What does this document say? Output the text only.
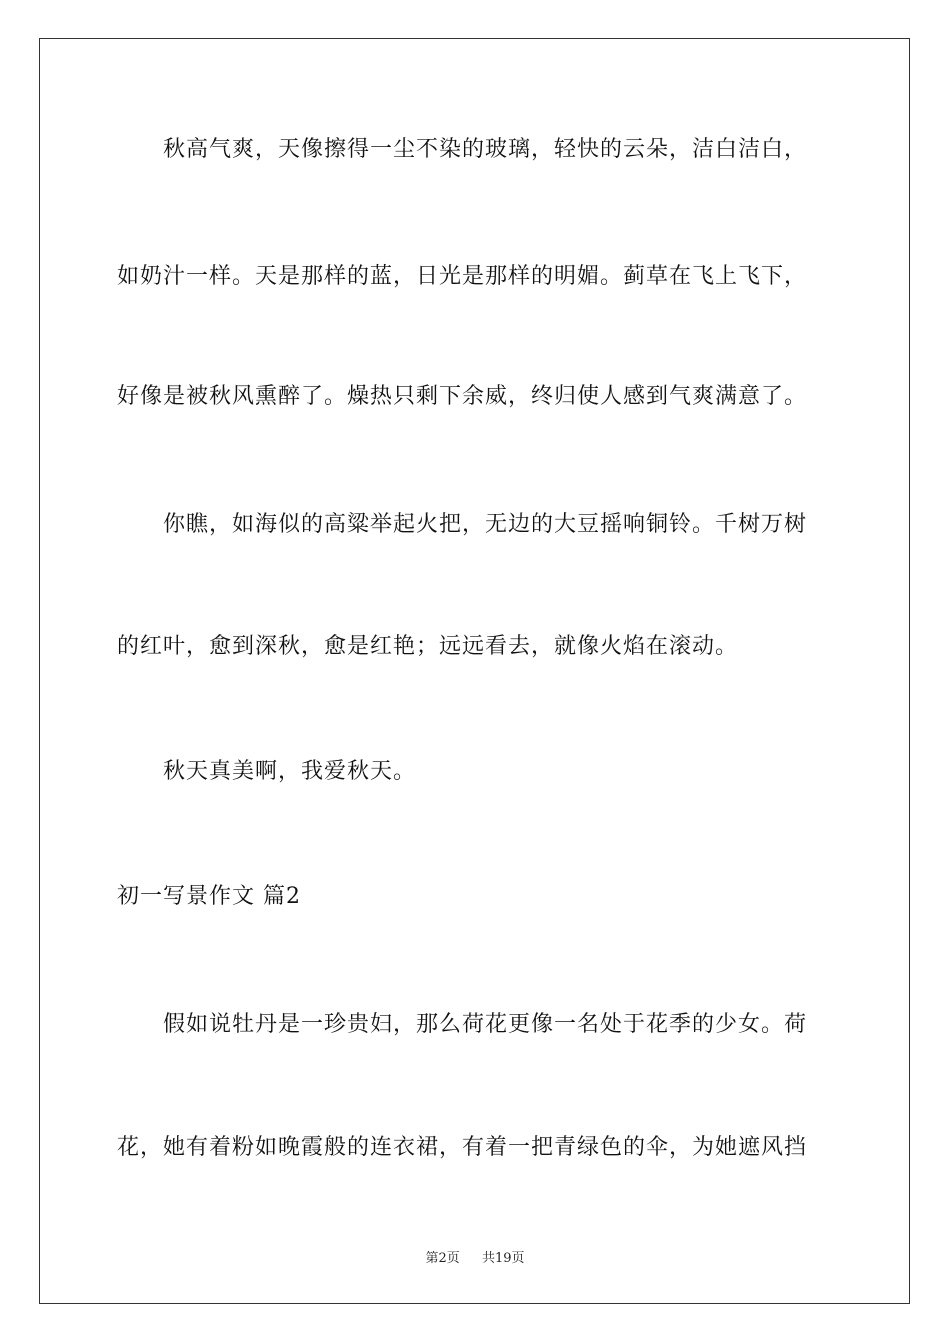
　　秋高气爽，天像擦得一尘不染的玻璃，轻快的云朵，洁白洁白，
如奶汁一样。天是那样的蓝，日光是那样的明媚。蓟草在飞上飞下，
好像是被秋风熏醉了。燥热只剩下余威，终归使人感到气爽满意了。
　　你瞧，如海似的高粱举起火把，无边的大豆摇响铜铃。千树万树
的红叶，愈到深秋，愈是红艳；远远看去，就像火焰在滚动。
　　秋天真美啊，我爱秋天。
初一写景作文 篇2
　　假如说牡丹是一珍贵妇，那么荷花更像一名处于花季的少女。荷
花，她有着粉如晚霞般的连衣裙，有着一把青绿色的伞，为她遮风挡
第2页 共19页
